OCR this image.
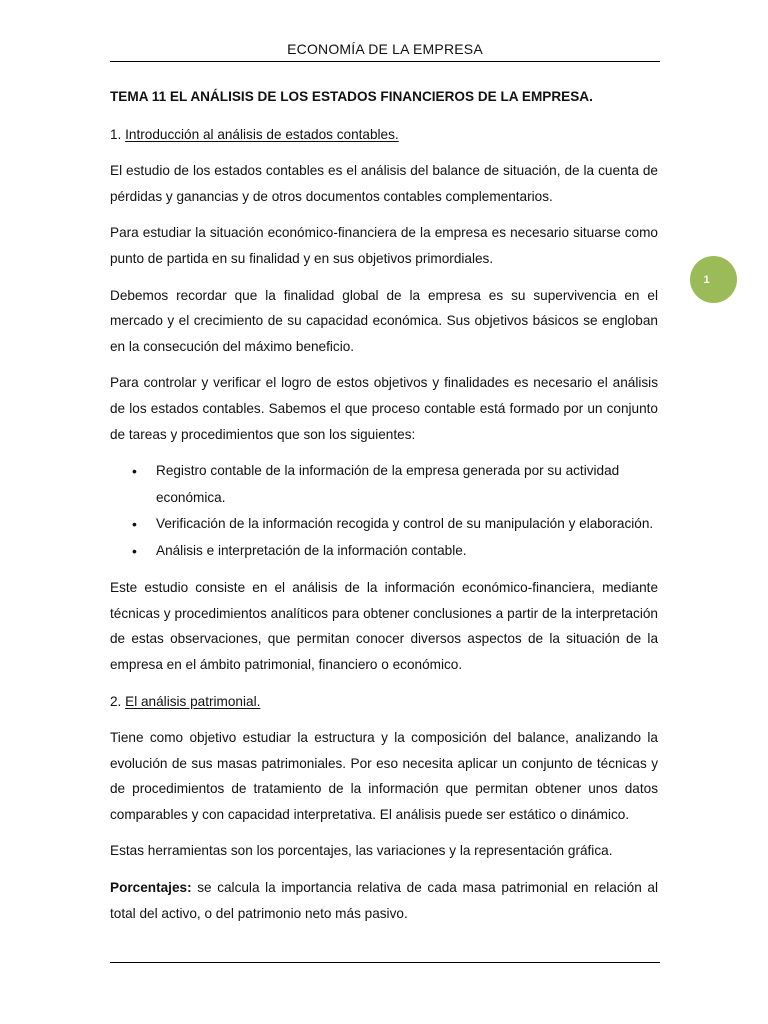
ECONOMÍA DE LA EMPRESA
1

TEMA 11 EL ANÁLISIS DE LOS ESTADOS FINANCIEROS DE LA EMPRESA.

1. Introducción al análisis de estados contables.

El estudio de los estados contables es el análisis del balance de situación, de la cuenta de pérdidas y ganancias y de otros documentos contables complementarios.

Para estudiar la situación económico-financiera de la empresa es necesario situarse como punto de partida en su finalidad y en sus objetivos primordiales.

Debemos recordar que la finalidad global de la empresa es su supervivencia en el mercado y el crecimiento de su capacidad económica. Sus objetivos básicos se engloban en la consecución del máximo beneficio.

Para controlar y verificar el logro de estos objetivos y finalidades es necesario el análisis de los estados contables. Sabemos el que proceso contable está formado por un conjunto de tareas y procedimientos que son los siguientes:

• Registro contable de la información de la empresa generada por su actividad económica.
• Verificación de la información recogida y control de su manipulación y elaboración.
• Análisis e interpretación de la información contable.

Este estudio consiste en el análisis de la información económico-financiera, mediante técnicas y procedimientos analíticos para obtener conclusiones a partir de la interpretación de estas observaciones, que permitan conocer diversos aspectos de la situación de la empresa en el ámbito patrimonial, financiero o económico.

2. El análisis patrimonial.

Tiene como objetivo estudiar la estructura y la composición del balance, analizando la evolución de sus masas patrimoniales. Por eso necesita aplicar un conjunto de técnicas y de procedimientos de tratamiento de la información que permitan obtener unos datos comparables y con capacidad interpretativa. El análisis puede ser estático o dinámico.

Estas herramientas son los porcentajes, las variaciones y la representación gráfica.

Porcentajes: se calcula la importancia relativa de cada masa patrimonial en relación al total del activo, o del patrimonio neto más pasivo.
